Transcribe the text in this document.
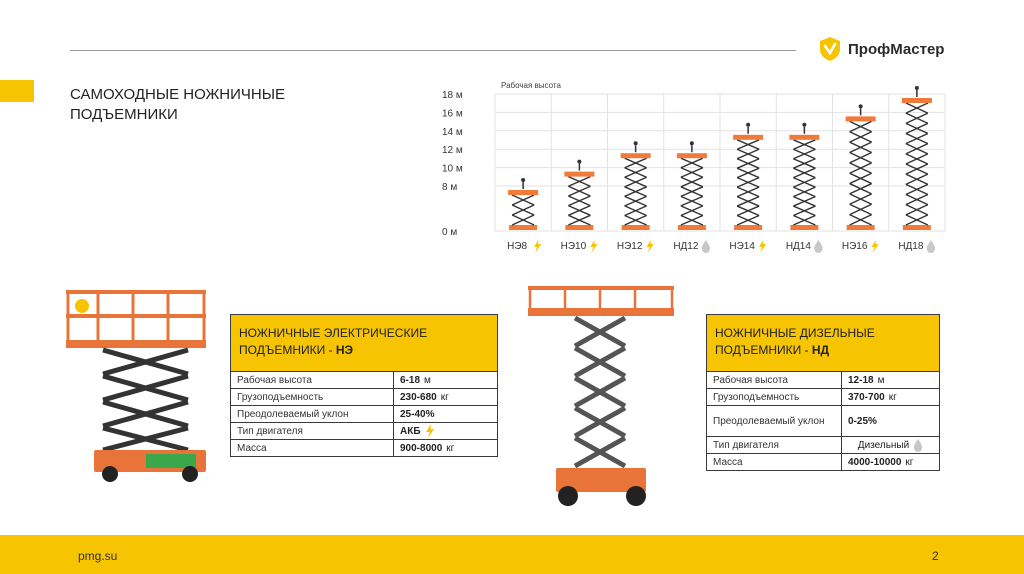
ПрофМастер
САМОХОДНЫЕ НОЖНИЧНЫЕ
ПОДЪЕМНИКИ
Рабочая высота
18 м
16 м
14 м
12 м
10 м
8 м
0 м
НЭ8	НЭ10	НЭ12	НД12	НЭ14	НД14	НЭ16	НД18
НОЖНИЧНЫЕ ЭЛЕКТРИЧЕСКИЕ
ПОДЪЕМНИКИ - НЭ
Рабочая высота	6-18 м
Грузоподъемность	230-680 кг
Преодолеваемый уклон	25-40%
Тип двигателя	АКБ
Масса	900-8000 кг
НОЖНИЧНЫЕ ДИЗЕЛЬНЫЕ
ПОДЪЕМНИКИ - НД
Рабочая высота	12-18 м
Грузоподъемность	370-700 кг
Преодолеваемый уклон	0-25%
Тип двигателя	Дизельный
Масса	4000-10000 кг
pmg.su	2
